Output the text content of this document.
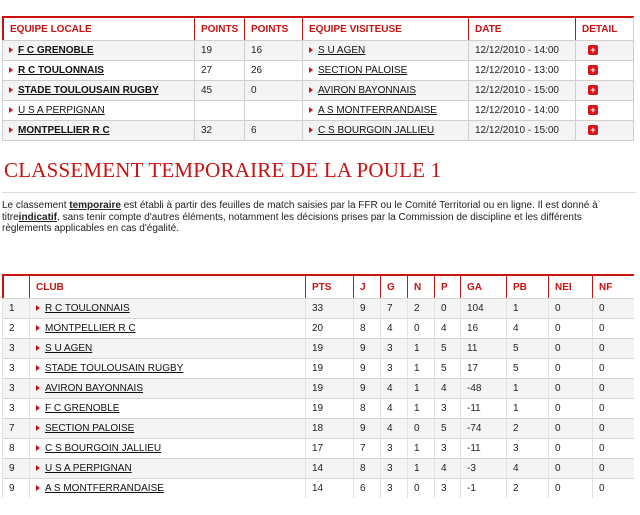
EQUIPE LOCALE	POINTS	POINTS	EQUIPE VISITEUSE	DATE	DETAIL
F C GRENOBLE	19	16	S U AGEN	12/12/2010 - 14:00	+
R C TOULONNAIS	27	26	SECTION PALOISE	12/12/2010 - 13:00	+
STADE TOULOUSAIN RUGBY	45	0	AVIRON BAYONNAIS	12/12/2010 - 15:00	+
U S A PERPIGNAN			A S MONTFERRANDAISE	12/12/2010 - 14:00	+
MONTPELLIER R C	32	6	C S BOURGOIN JALLIEU	12/12/2010 - 15:00	+
CLASSEMENT TEMPORAIRE DE LA POULE 1

Le classement temporaire est établi à partir des feuilles de match saisies par la FFR ou le Comité Territorial ou en ligne. Il est donné à titreindicatif, sans tenir compte d'autres éléments, notamment les décisions prises par la Commission de discipline et les différents règlements applicables en cas d'égalité.

	CLUB	PTS	J	G	N	P	GA	PB	NEI	NF
1	R C TOULONNAIS	33	9	7	2	0	104	1	0	0
2	MONTPELLIER R C	20	8	4	0	4	16	4	0	0
3	S U AGEN	19	9	3	1	5	11	5	0	0
3	STADE TOULOUSAIN RUGBY	19	9	3	1	5	17	5	0	0
3	AVIRON BAYONNAIS	19	9	4	1	4	-48	1	0	0
3	F C GRENOBLE	19	8	4	1	3	-11	1	0	0
7	SECTION PALOISE	18	9	4	0	5	-74	2	0	0
8	C S BOURGOIN JALLIEU	17	7	3	1	3	-11	3	0	0
9	U S A PERPIGNAN	14	8	3	1	4	-3	4	0	0
9	A S MONTFERRANDAISE	14	6	3	0	3	-1	2	0	0
